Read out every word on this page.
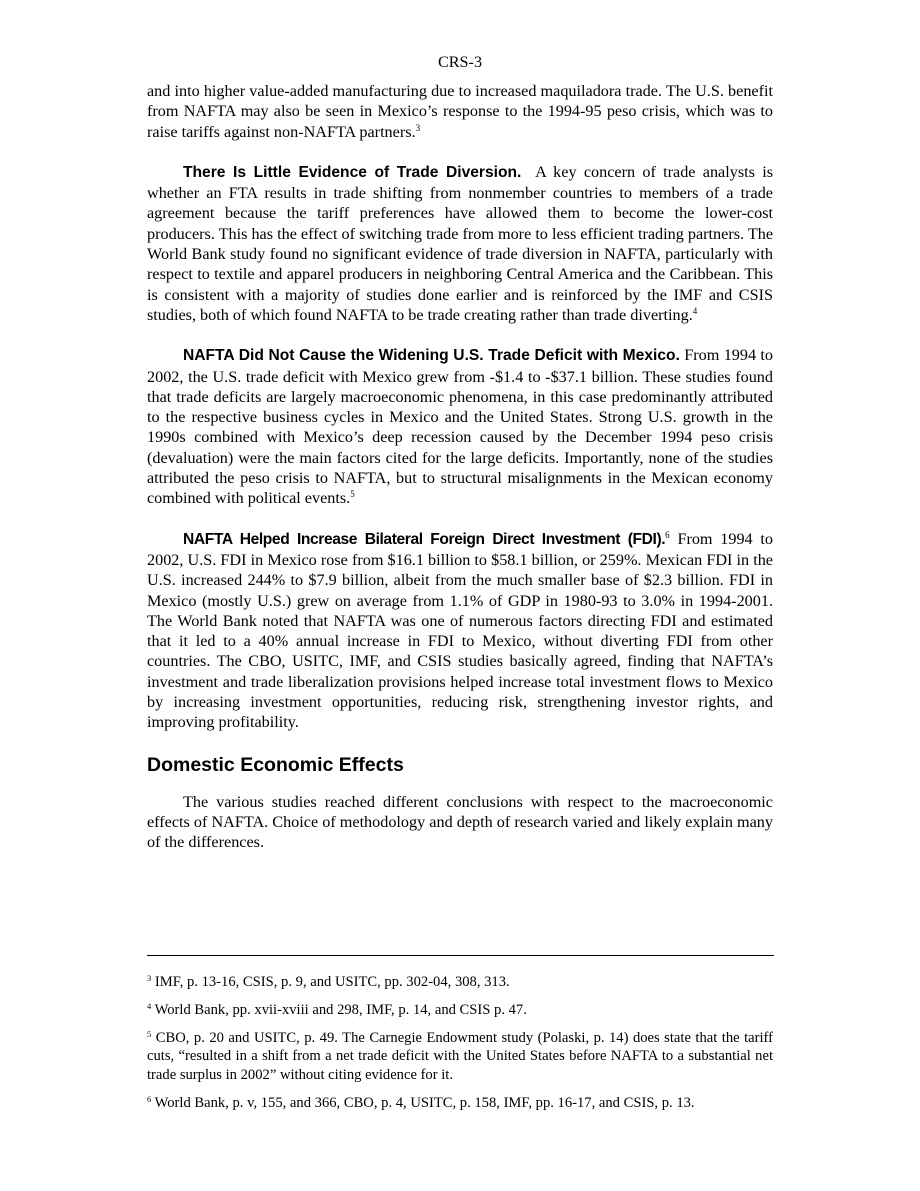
CRS-3

and into higher value-added manufacturing due to increased maquiladora trade. The U.S. benefit from NAFTA may also be seen in Mexico’s response to the 1994-95 peso crisis, which was to raise tariffs against non-NAFTA partners.$^3$

There Is Little Evidence of Trade Diversion. A key concern of trade analysts is whether an FTA results in trade shifting from nonmember countries to members of a trade agreement because the tariff preferences have allowed them to become the lower-cost producers. This has the effect of switching trade from more to less efficient trading partners. The World Bank study found no significant evidence of trade diversion in NAFTA, particularly with respect to textile and apparel producers in neighboring Central America and the Caribbean. This is consistent with a majority of studies done earlier and is reinforced by the IMF and CSIS studies, both of which found NAFTA to be trade creating rather than trade diverting.$^4$

NAFTA Did Not Cause the Widening U.S. Trade Deficit with Mexico. From 1994 to 2002, the U.S. trade deficit with Mexico grew from -$1.4 to -$37.1 billion. These studies found that trade deficits are largely macroeconomic phenomena, in this case predominantly attributed to the respective business cycles in Mexico and the United States. Strong U.S. growth in the 1990s combined with Mexico’s deep recession caused by the December 1994 peso crisis (devaluation) were the main factors cited for the large deficits. Importantly, none of the studies attributed the peso crisis to NAFTA, but to structural misalignments in the Mexican economy combined with political events.$^5$

NAFTA Helped Increase Bilateral Foreign Direct Investment (FDI).$^6$ From 1994 to 2002, U.S. FDI in Mexico rose from $16.1 billion to $58.1 billion, or 259%. Mexican FDI in the U.S. increased 244% to $7.9 billion, albeit from the much smaller base of $2.3 billion. FDI in Mexico (mostly U.S.) grew on average from 1.1% of GDP in 1980-93 to 3.0% in 1994-2001. The World Bank noted that NAFTA was one of numerous factors directing FDI and estimated that it led to a 40% annual increase in FDI to Mexico, without diverting FDI from other countries. The CBO, USITC, IMF, and CSIS studies basically agreed, finding that NAFTA’s investment and trade liberalization provisions helped increase total investment flows to Mexico by increasing investment opportunities, reducing risk, strengthening investor rights, and improving profitability.

Domestic Economic Effects

The various studies reached different conclusions with respect to the macroeconomic effects of NAFTA. Choice of methodology and depth of research varied and likely explain many of the differences.

$^3$ IMF, p. 13-16, CSIS, p. 9, and USITC, pp. 302-04, 308, 313.

$^4$ World Bank, pp. xvii-xviii and 298, IMF, p. 14, and CSIS p. 47.

$^5$ CBO, p. 20 and USITC, p. 49. The Carnegie Endowment study (Polaski, p. 14) does state that the tariff cuts, “resulted in a shift from a net trade deficit with the United States before NAFTA to a substantial net trade surplus in 2002” without citing evidence for it.

$^6$ World Bank, p. v, 155, and 366, CBO, p. 4, USITC, p. 158, IMF, pp. 16-17, and CSIS, p. 13.
